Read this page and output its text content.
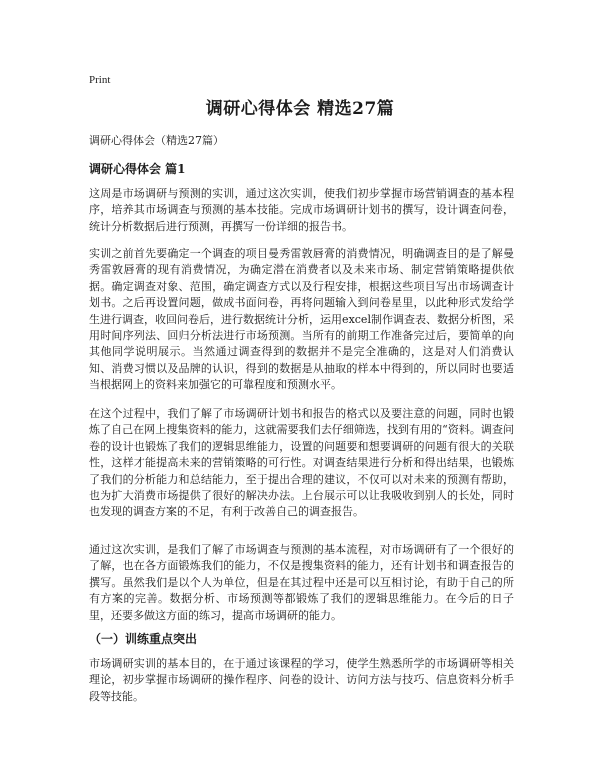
Print
调研心得体会 精选27篇

调研心得体会（精选27篇）

调研心得体会 篇1

这周是市场调研与预测的实训，通过这次实训，使我们初步掌握市场营销调查的基本程序，培养其市场调查与预测的基本技能。完成市场调研计划书的撰写，设计调查问卷，统计分析数据后进行预测，再撰写一份详细的报告书。

实训之前首先要确定一个调查的项目曼秀雷敦唇膏的消费情况，明确调查目的是了解曼秀雷敦唇膏的现有消费情况，为确定潜在消费者以及未来市场、制定营销策略提供依据。确定调查对象、范围，确定调查方式以及行程安排，根据这些项目写出市场调查计划书。之后再设置问题，做成书面问卷，再将问题输入到问卷星里，以此种形式发给学生进行调查，收回问卷后，进行数据统计分析，运用excel制作调查表、数据分析图，采用时间序列法、回归分析法进行市场预测。当所有的前期工作准备完过后，要简单的向其他同学说明展示。当然通过调查得到的数据并不是完全准确的，这是对人们消费认知、消费习惯以及品牌的认识，得到的数据是从抽取的样本中得到的，所以同时也要适当根据网上的资料来加强它的可靠程度和预测水平。

在这个过程中，我们了解了市场调研计划书和报告的格式以及要注意的问题，同时也锻炼了自己在网上搜集资料的能力，这就需要我们去仔细筛选，找到有用的“资料。调查问卷的设计也锻炼了我们的逻辑思维能力，设置的问题要和想要调研的问题有很大的关联性，这样才能提高未来的营销策略的可行性。对调查结果进行分析和得出结果，也锻炼了我们的分析能力和总结能力，至于提出合理的建议，不仅可以对未来的预测有帮助，也为扩大消费市场提供了很好的解决办法。上台展示可以让我吸收到别人的长处，同时也发现的调查方案的不足，有利于改善自己的调查报告。

通过这次实训，是我们了解了市场调查与预测的基本流程，对市场调研有了一个很好的了解，也在各方面锻炼我们的能力，不仅是搜集资料的能力，还有计划书和调查报告的撰写。虽然我们是以个人为单位，但是在其过程中还是可以互相讨论，有助于自己的所有方案的完善。数据分析、市场预测等都锻炼了我们的逻辑思维能力。在今后的日子里，还要多做这方面的练习，提高市场调研的能力。

（一）训练重点突出

市场调研实训的基本目的，在于通过该课程的学习，使学生熟悉所学的市场调研等相关理论，初步掌握市场调研的操作程序、问卷的设计、访问方法与技巧、信息资料分析手段等技能。
